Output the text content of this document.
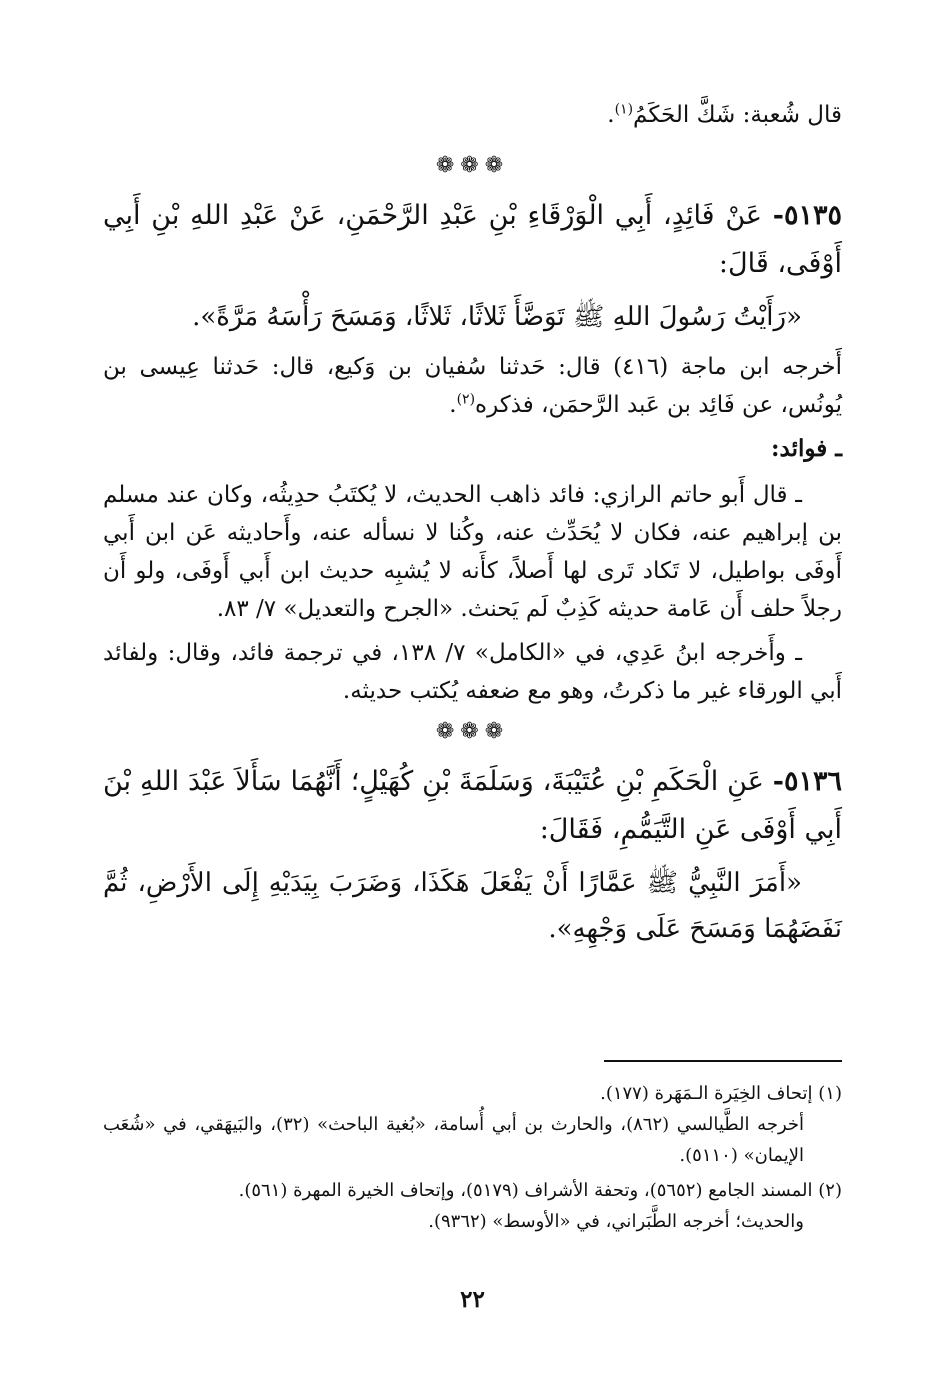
قال شُعبة: شَكَّ الحَكَمُ$^{(١)}$.

❁❁❁

٥١٣٥- عَنْ فَائِدٍ، أَبِي الْوَرْقَاءِ بْنِ عَبْدِ الرَّحْمَنِ، عَنْ عَبْدِ اللهِ بْنِ أَبِي أَوْفَى، قَالَ:

«رَأَيْتُ رَسُولَ اللهِ ﷺ تَوَضَّأَ ثَلاثًا، ثَلاثًا، وَمَسَحَ رَأْسَهُ مَرَّةً».

أَخرجه ابن ماجة (٤١٦) قال: حَدثنا سُفيان بن وَكيع، قال: حَدثنا عِيسى بن يُونُس، عن فَائِد بن عَبد الرَّحمَن، فذكره$^{(٢)}$.

ـ فوائد:

ـ قال أَبو حاتم الرازي: فائد ذاهب الحديث، لا يُكتَبُ حدِيثُه، وكان عند مسلم بن إبراهيم عنه، فكان لا يُحَدِّث عنه، وكُنا لا نسأله عنه، وأَحاديثه عَن ابن أَبي أَوفَى بواطيل، لا تَكاد تَرى لها أَصلاً، كأَنه لا يُشبِه حديث ابن أَبي أَوفَى، ولو أَن رجلاً حلف أَن عَامة حديثه كَذِبٌ لَم يَحنث. «الجرح والتعديل» ٧/ ٨٣.

ـ وأَخرجه ابنُ عَدِي، في «الكامل» ٧/ ١٣٨، في ترجمة فائد، وقال: ولفائد أَبي الورقاء غير ما ذكرتُ، وهو مع ضعفه يُكتب حديثه.

❁❁❁

٥١٣٦- عَنِ الْحَكَمِ بْنِ عُتَيْبَةَ، وَسَلَمَةَ بْنِ كُهَيْلٍ؛ أَنَّهُمَا سَأَلاَ عَبْدَ اللهِ بْنَ أَبِي أَوْفَى عَنِ التَّيَمُّمِ، فَقَالَ:

«أَمَرَ النَّبِيُّ ﷺ عَمَّارًا أَنْ يَفْعَلَ هَكَذَا، وَضَرَبَ بِيَدَيْهِ إِلَى الأَرْضِ، ثُمَّ نَفَضَهُمَا وَمَسَحَ عَلَى وَجْهِهِ».

(١) إتحاف الخِيَرة الـمَهَرة (١٧٧).

أخرجه الطَّيالسي (٨٦٢)، والحارث بن أبي أُسامة، «بُغية الباحث» (٣٢)، والبَيهَقي، في «شُعَب الإيمان» (٥١١٠).

(٢) المسند الجامع (٥٦٥٢)، وتحفة الأشراف (٥١٧٩)، وإتحاف الخيرة المهرة (٥٦١).

والحديث؛ أخرجه الطَّبَراني، في «الأوسط» (٩٣٦٢).

٢٢
